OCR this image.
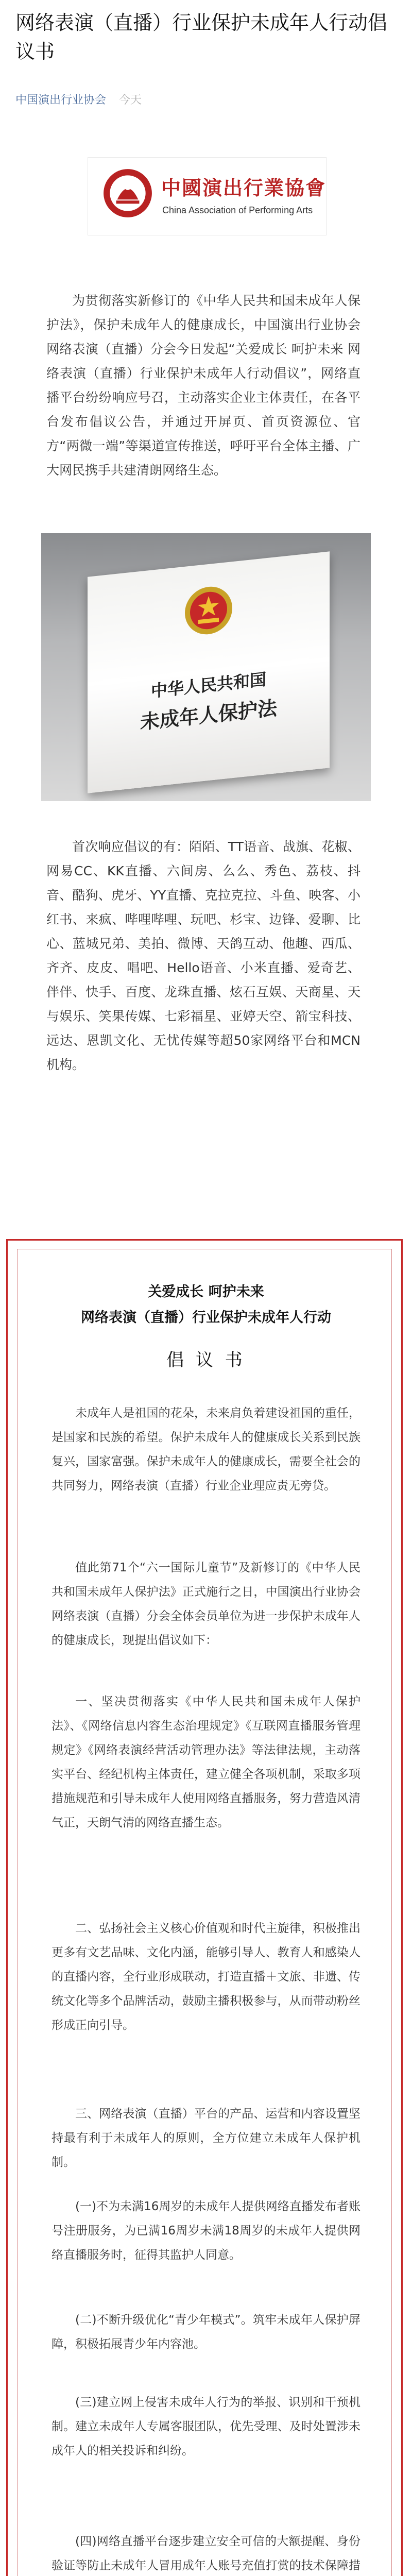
网络表演（直播）行业保护未成年人行动倡议书
中国演出行业协会 今天
中國演出行業協會
China Association of Performing Arts

为贯彻落实新修订的《中华人民共和国未成年人保护法》，保护未成年人的健康成长，中国演出行业协会网络表演（直播）分会今日发起“关爱成长 呵护未来 网络表演（直播）行业保护未成年人行动倡议”，网络直播平台纷纷响应号召，主动落实企业主体责任，在各平台发布倡议公告，并通过开屏页、首页资源位、官方“两微一端”等渠道宣传推送，呼吁平台全体主播、广大网民携手共建清朗网络生态。

中华人民共和国
未成年人保护法

首次响应倡议的有：陌陌、TT语音、战旗、花椒、网易CC、KK直播、六间房、么么、秀色、荔枝、抖音、酷狗、虎牙、YY直播、克拉克拉、斗鱼、映客、小红书、来疯、哔哩哔哩、玩吧、杉宝、边锋、爱聊、比心、蓝城兄弟、美拍、微博、天鸽互动、他趣、西瓜、齐齐、皮皮、唱吧、Hello语音、小米直播、爱奇艺、伴伴、快手、百度、龙珠直播、炫石互娱、天商星、天与娱乐、笑果传媒、七彩福星、亚婷天空、箭宝科技、远达、恩凯文化、无忧传媒等超50家网络平台和MCN机构。

关爱成长 呵护未来
网络表演（直播）行业保护未成年人行动
倡 议 书

未成年人是祖国的花朵，未来肩负着建设祖国的重任，是国家和民族的希望。保护未成年人的健康成长关系到民族复兴，国家富强。保护未成年人的健康成长，需要全社会的共同努力，网络表演（直播）行业企业理应责无旁贷。

值此第71个“六一国际儿童节”及新修订的《中华人民共和国未成年人保护法》正式施行之日，中国演出行业协会网络表演（直播）分会全体会员单位为进一步保护未成年人的健康成长，现提出倡议如下：

一、坚决贯彻落实《中华人民共和国未成年人保护法》、《网络信息内容生态治理规定》《互联网直播服务管理规定》《网络表演经营活动管理办法》等法律法规，主动落实平台、经纪机构主体责任，建立健全各项机制，采取多项措施规范和引导未成年人使用网络直播服务，努力营造风清气正，天朗气清的网络直播生态。

二、弘扬社会主义核心价值观和时代主旋律，积极推出更多有文艺品味、文化内涵，能够引导人、教育人和感染人的直播内容，全行业形成联动，打造直播＋文旅、非遗、传统文化等多个品牌活动，鼓励主播积极参与，从而带动粉丝形成正向引导。

三、网络表演（直播）平台的产品、运营和内容设置坚持最有利于未成年人的原则，全方位建立未成年人保护机制。

(一)不为未满16周岁的未成年人提供网络直播发布者账号注册服务，为已满16周岁未满18周岁的未成年人提供网络直播服务时，征得其监护人同意。

(二)不断升级优化“青少年模式”。筑牢未成年人保护屏障，积极拓展青少年内容池。

(三)建立网上侵害未成年人行为的举报、识别和干预机制。建立未成年人专属客服团队，优先受理、及时处置涉未成年人的相关投诉和纠纷。

(四)网络直播平台逐步建立安全可信的大额提醒、身份验证等防止未成年人冒用成年人账号充值打赏的技术保障措
